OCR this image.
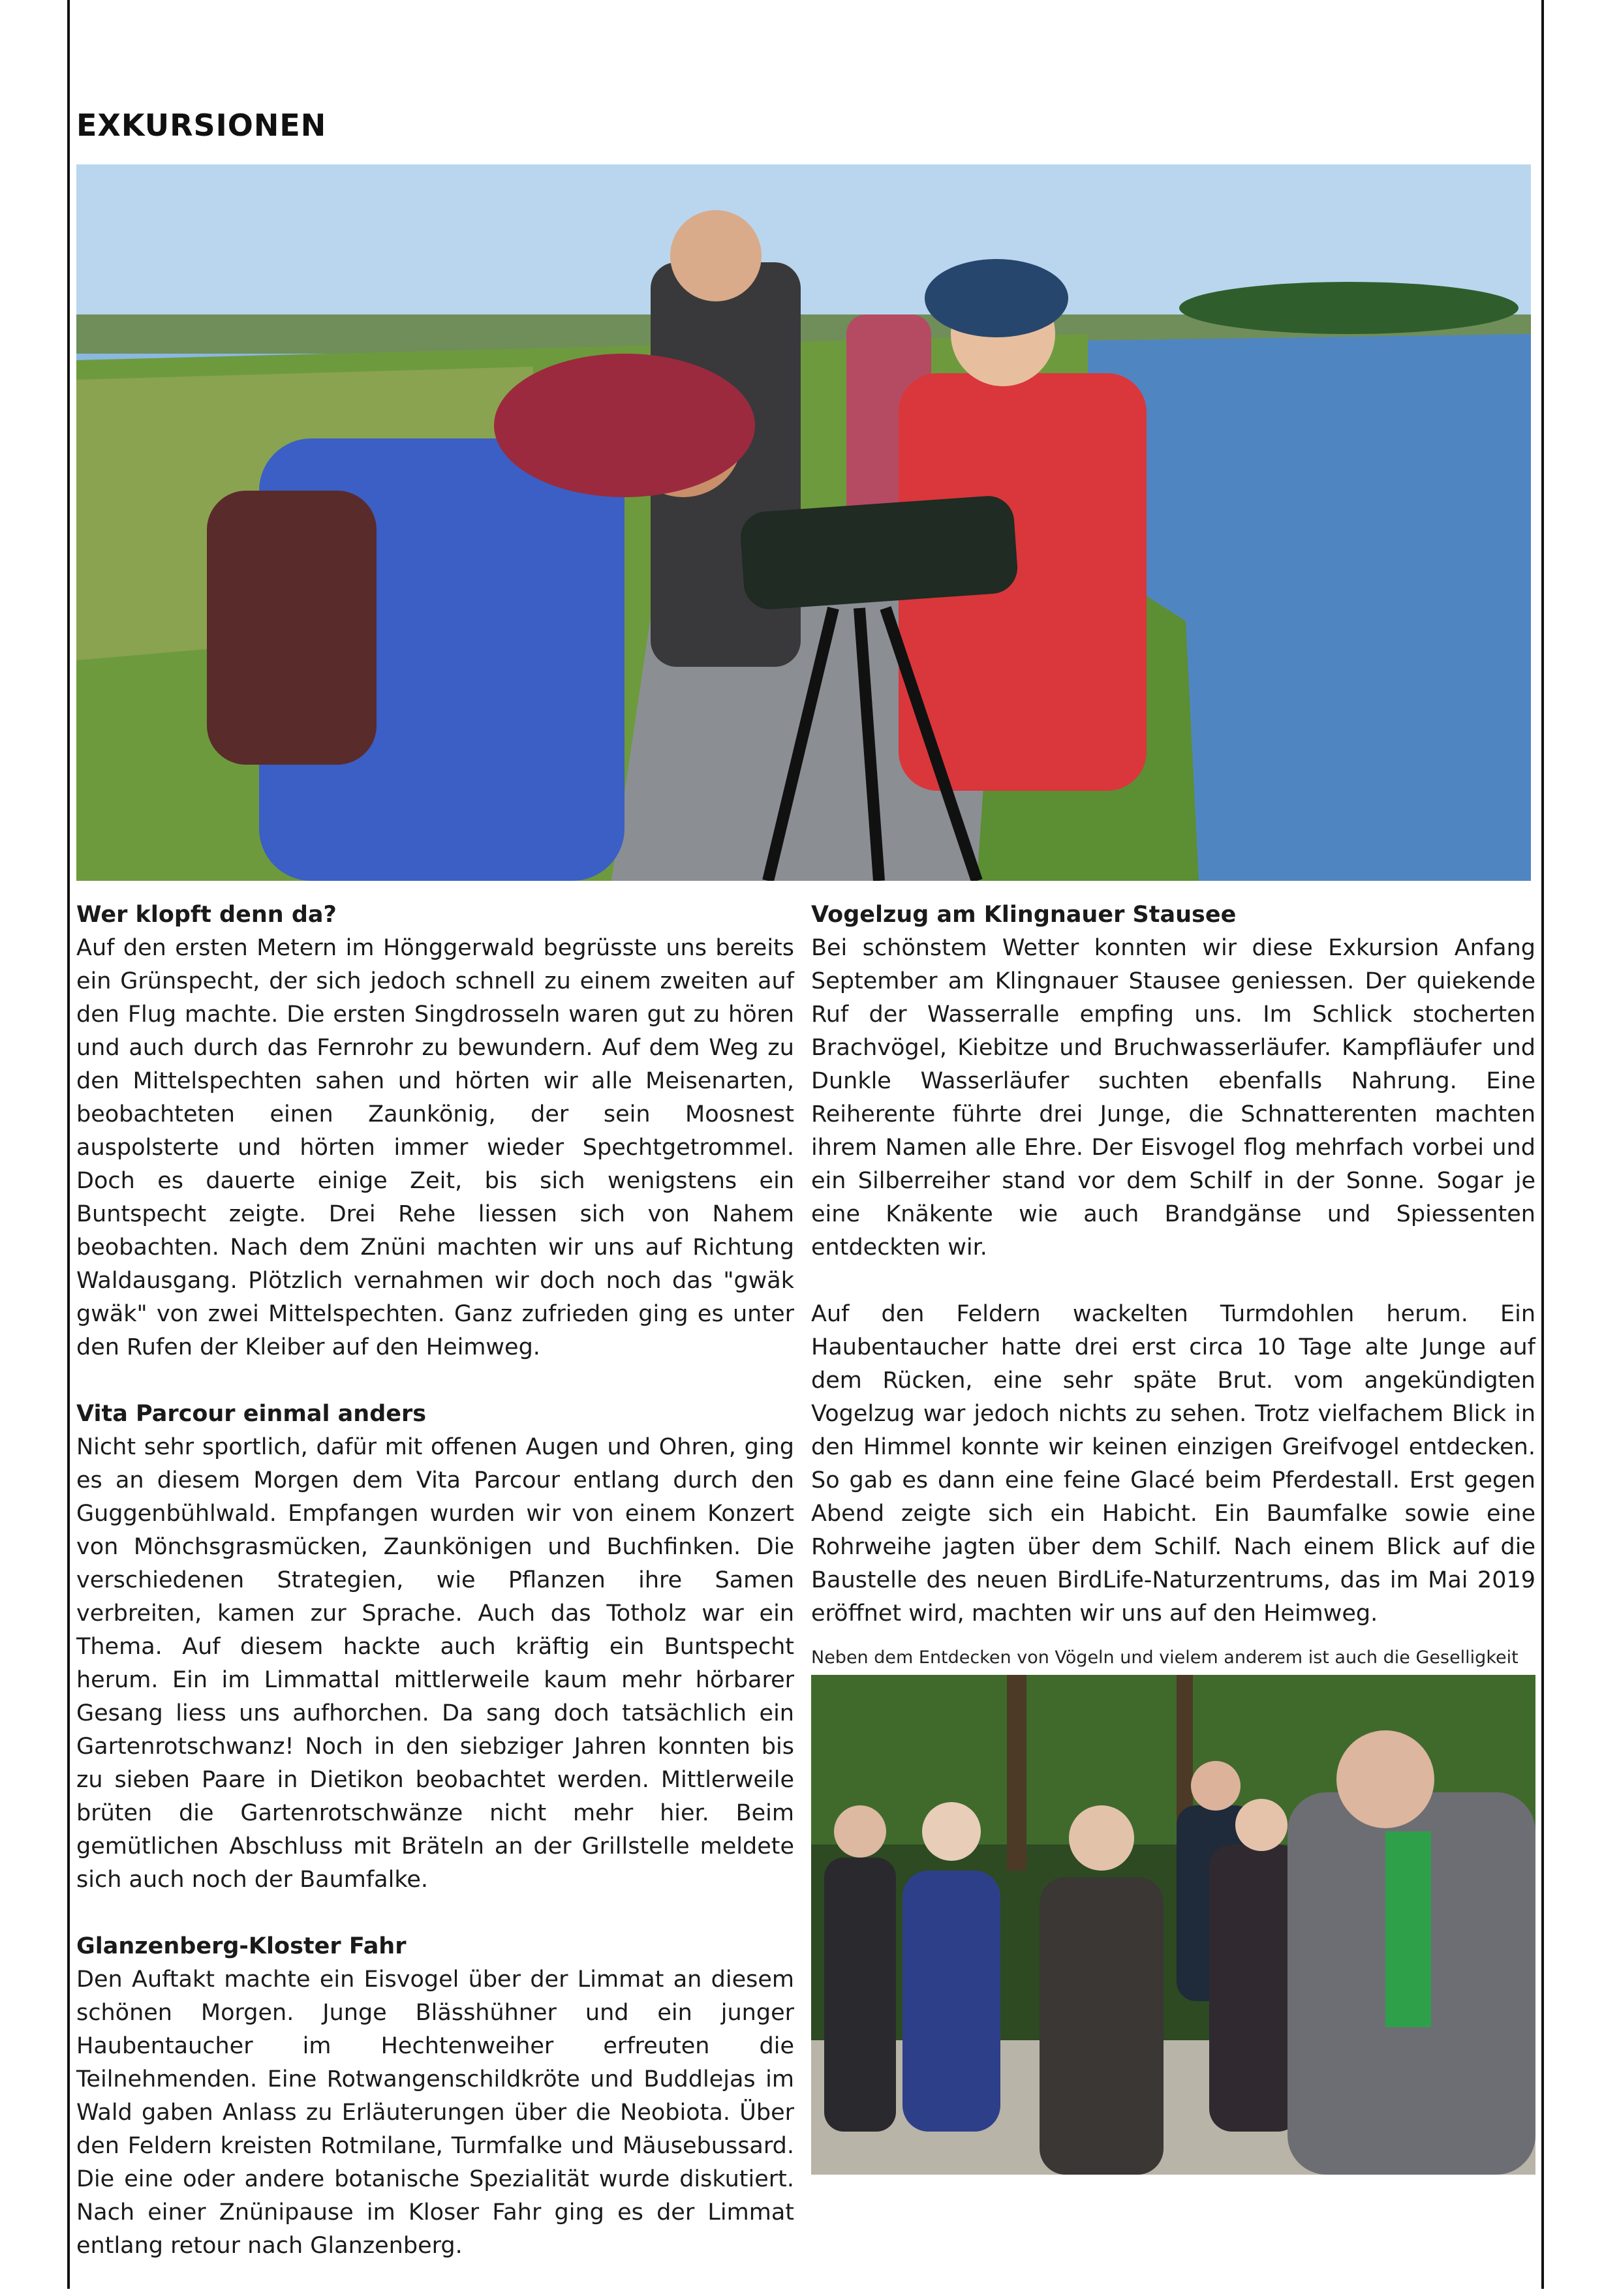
EXKURSIONEN
Wer klopft denn da?

Auf den ersten Metern im Hönggerwald begrüsste uns bereits ein Grünspecht, der sich jedoch schnell zu einem zweiten auf den Flug machte. Die ersten Singdrosseln waren gut zu hören und auch durch das Fernrohr zu bewundern. Auf dem Weg zu den Mittelspechten sahen und hörten wir alle Meisenarten, beobachteten einen Zaunkönig, der sein Moosnest auspolsterte und hörten immer wieder Spechtgetrommel. Doch es dauerte einige Zeit, bis sich wenigstens ein Buntspecht zeigte. Drei Rehe liessen sich von Nahem beobachten. Nach dem Znüni machten wir uns auf Richtung Waldausgang. Plötzlich vernahmen wir doch noch das "gwäk gwäk" von zwei Mittelspechten. Ganz zufrieden ging es unter den Rufen der Kleiber auf den Heimweg.

Vita Parcour einmal anders

Nicht sehr sportlich, dafür mit offenen Augen und Ohren, ging es an diesem Morgen dem Vita Parcour entlang durch den Guggenbühlwald. Empfangen wurden wir von einem Konzert von Mönchsgrasmücken, Zaunkönigen und Buchfinken. Die verschiedenen Strategien, wie Pflanzen ihre Samen verbreiten, kamen zur Sprache. Auch das Totholz war ein Thema. Auf diesem hackte auch kräftig ein Buntspecht herum. Ein im Limmattal mittlerweile kaum mehr hörbarer Gesang liess uns aufhorchen. Da sang doch tatsächlich ein Gartenrotschwanz! Noch in den siebziger Jahren konnten bis zu sieben Paare in Dietikon beobachtet werden. Mittlerweile brüten die Gartenrotschwänze nicht mehr hier. Beim gemütlichen Abschluss mit Bräteln an der Grillstelle meldete sich auch noch der Baumfalke.

Glanzenberg-Kloster Fahr

Den Auftakt machte ein Eisvogel über der Limmat an diesem schönen Morgen. Junge Blässhühner und ein junger Haubentaucher im Hechtenweiher erfreuten die Teilnehmenden. Eine Rotwangenschildkröte und Buddlejas im Wald gaben Anlass zu Erläuterungen über die Neobiota. Über den Feldern kreisten Rotmilane, Turmfalke und Mäusebussard. Die eine oder andere botanische Spezialität wurde diskutiert. Nach einer Znünipause im Kloser Fahr ging es der Limmat entlang retour nach Glanzenberg.

Vogelzug am Klingnauer Stausee

Bei schönstem Wetter konnten wir diese Exkursion Anfang September am Klingnauer Stausee geniessen. Der quiekende Ruf der Wasserralle empfing uns. Im Schlick stocherten Brachvögel, Kiebitze und Bruchwasserläufer. Kampfläufer und Dunkle Wasserläufer suchten ebenfalls Nahrung. Eine Reiherente führte drei Junge, die Schnatterenten machten ihrem Namen alle Ehre. Der Eisvogel flog mehrfach vorbei und ein Silberreiher stand vor dem Schilf in der Sonne. Sogar je eine Knäkente wie auch Brandgänse und Spiessenten entdeckten wir.

Auf den Feldern wackelten Turmdohlen herum. Ein Haubentaucher hatte drei erst circa 10 Tage alte Junge auf dem Rücken, eine sehr späte Brut. vom angekündigten Vogelzug war jedoch nichts zu sehen. Trotz vielfachem Blick in den Himmel konnte wir keinen einzigen Greifvogel entdecken. So gab es dann eine feine Glacé beim Pferdestall. Erst gegen Abend zeigte sich ein Habicht. Ein Baumfalke sowie eine Rohrweihe jagten über dem Schilf. Nach einem Blick auf die Baustelle des neuen BirdLife-Naturzentrums, das im Mai 2019 eröffnet wird, machten wir uns auf den Heimweg.

Neben dem Entdecken von Vögeln und vielem anderem ist auch die Geselligkeit
